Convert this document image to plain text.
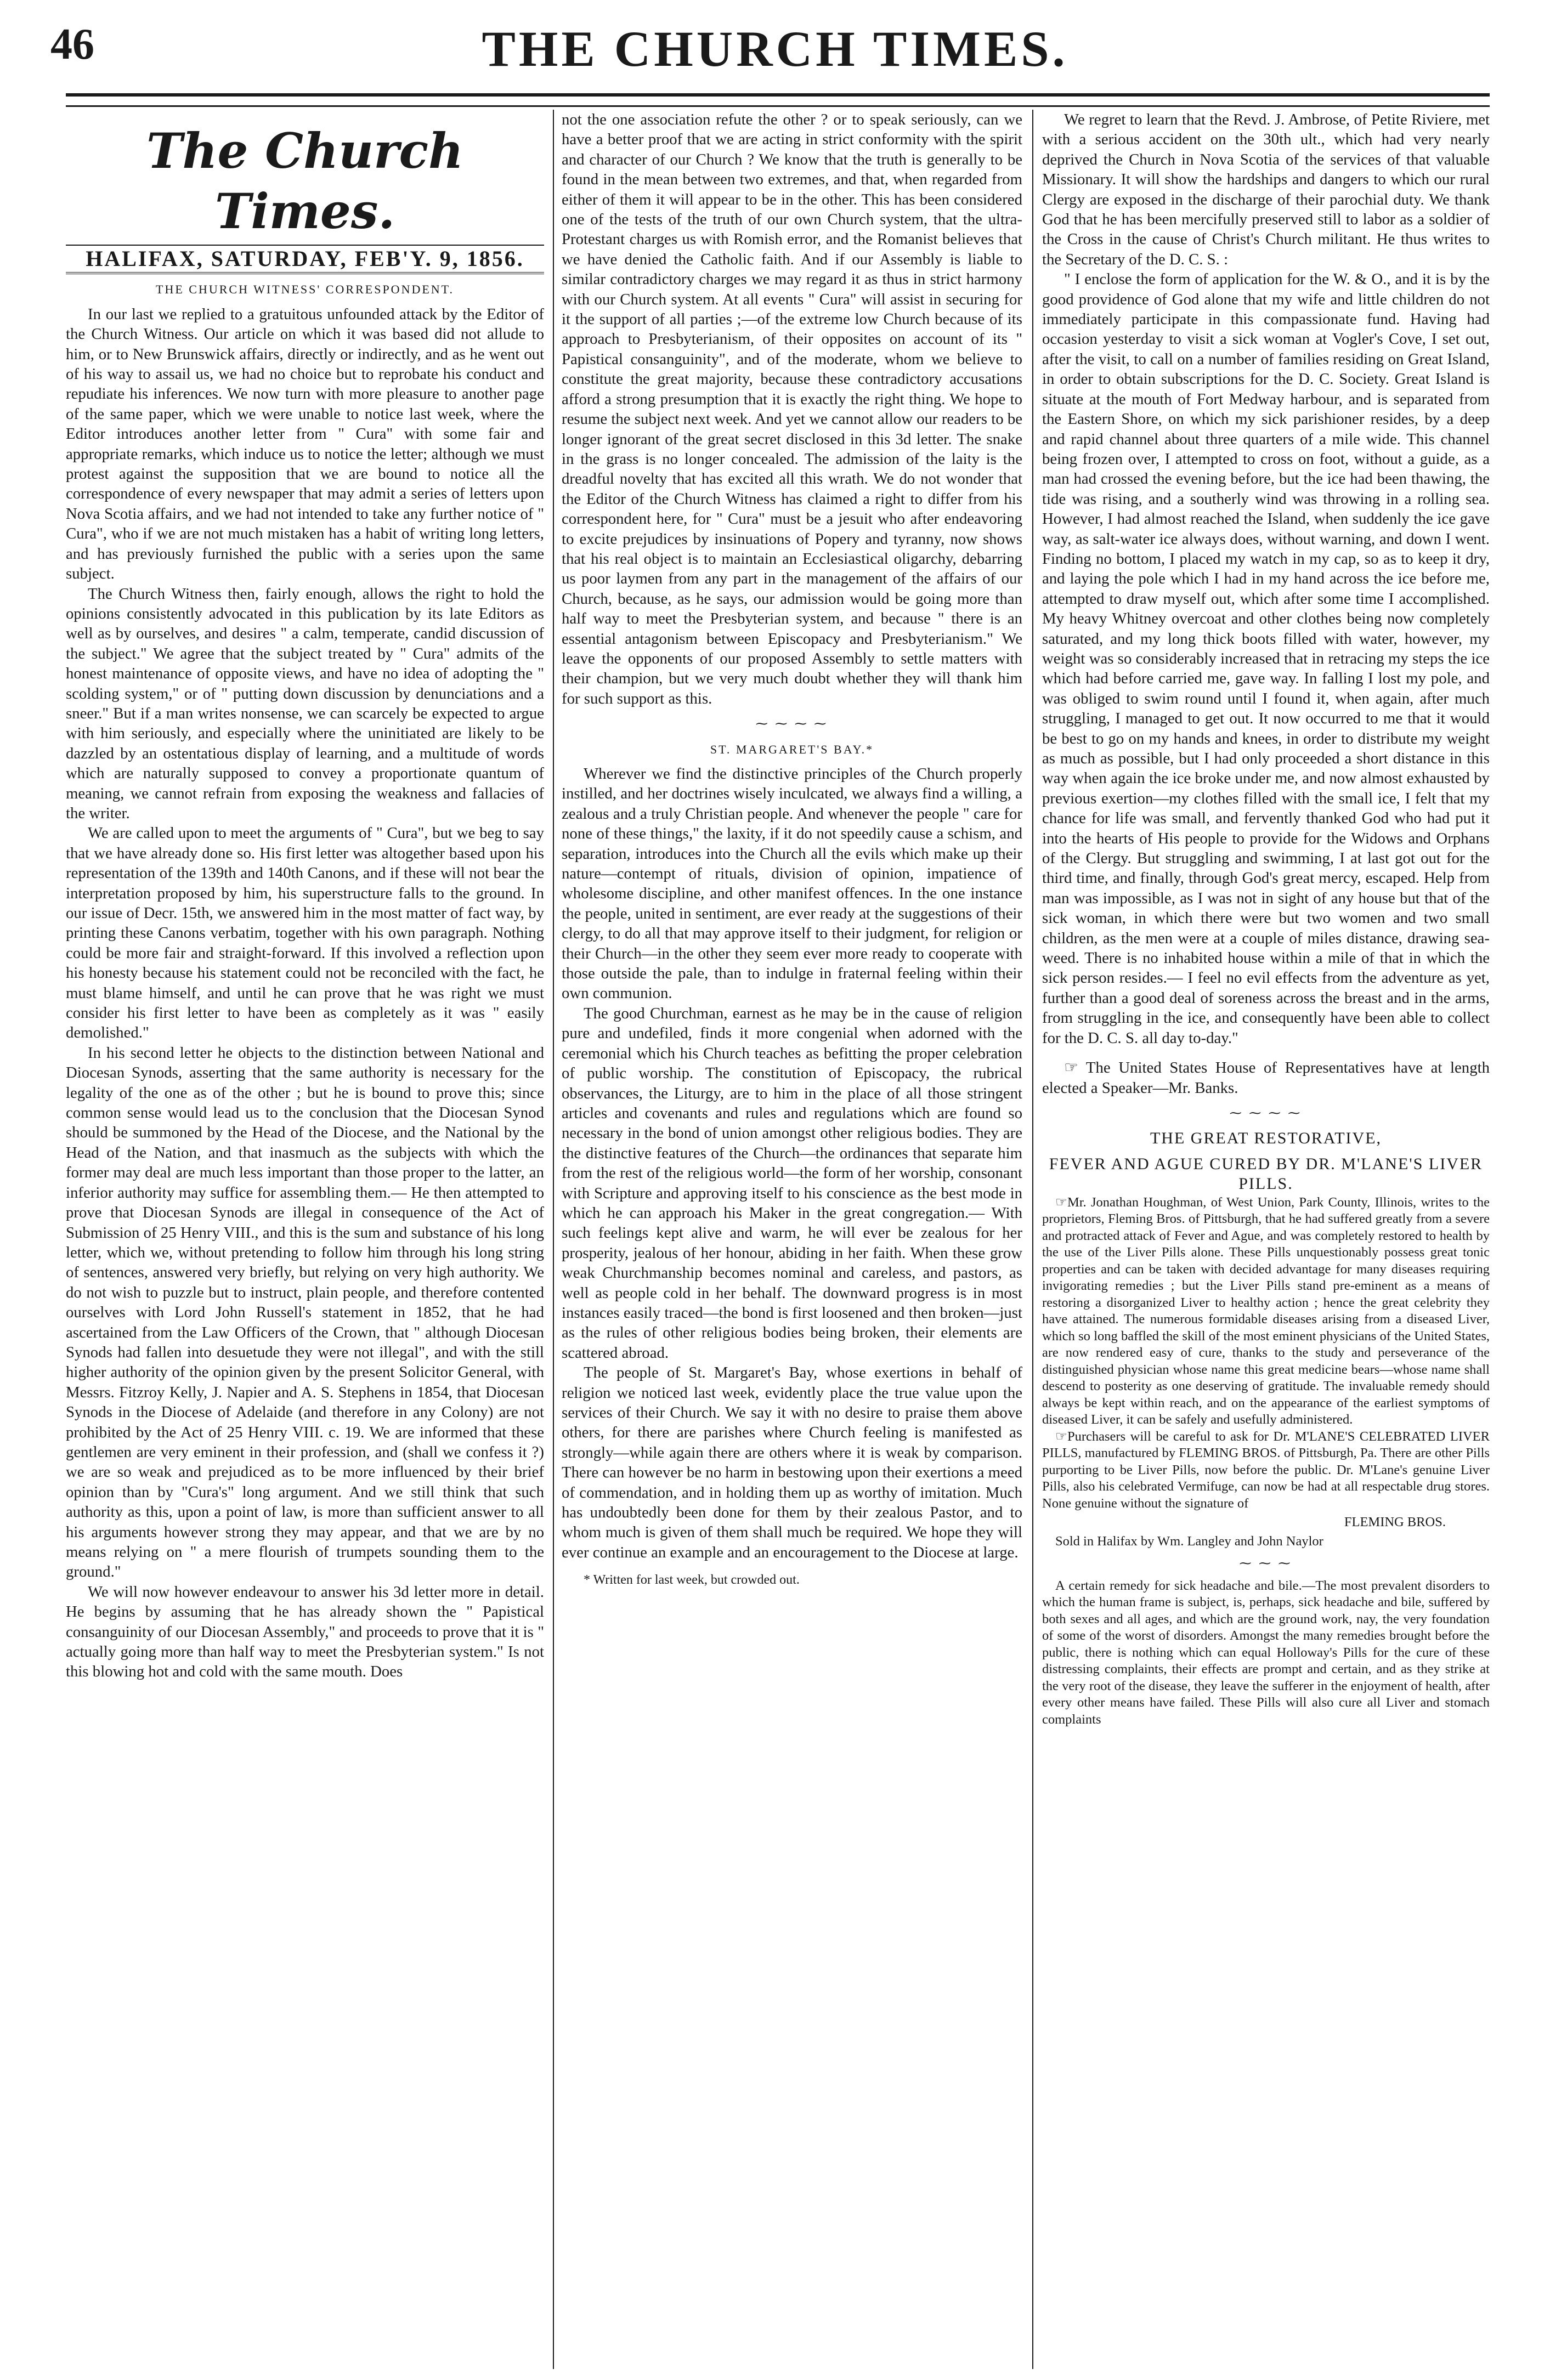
46	THE CHURCH TIMES.
The Church Times.
HALIFAX, SATURDAY, FEB'Y. 9, 1856.
THE CHURCH WITNESS' CORRESPONDENT.

In our last we replied to a gratuitous unfounded attack by the Editor of the Church Witness. Our article on which it was based did not allude to him, or to New Brunswick affairs, directly or indirectly, and as he went out of his way to assail us, we had no choice but to reprobate his conduct and repudiate his inferences. We now turn with more pleasure to another page of the same paper, which we were unable to notice last week, where the Editor introduces another letter from " Cura" with some fair and appropriate remarks, which induce us to notice the letter; although we must protest against the supposition that we are bound to notice all the correspondence of every newspaper that may admit a series of letters upon Nova Scotia affairs, and we had not intended to take any further notice of " Cura", who if we are not much mistaken has a habit of writing long letters, and has previously furnished the public with a series upon the same subject.

The Church Witness then, fairly enough, allows the right to hold the opinions consistently advocated in this publication by its late Editors as well as by ourselves, and desires " a calm, temperate, candid discussion of the subject." We agree that the subject treated by " Cura" admits of the honest maintenance of opposite views, and have no idea of adopting the " scolding system," or of " putting down discussion by denunciations and a sneer." But if a man writes nonsense, we can scarcely be expected to argue with him seriously, and especially where the uninitiated are likely to be dazzled by an ostentatious display of learning, and a multitude of words which are naturally supposed to convey a proportionate quantum of meaning, we cannot refrain from exposing the weakness and fallacies of the writer.

We are called upon to meet the arguments of " Cura", but we beg to say that we have already done so. His first letter was altogether based upon his representation of the 139th and 140th Canons, and if these will not bear the interpretation proposed by him, his superstructure falls to the ground. In our issue of Decr. 15th, we answered him in the most matter of fact way, by printing these Canons verbatim, together with his own paragraph. Nothing could be more fair and straight-forward. If this involved a reflection upon his honesty because his statement could not be reconciled with the fact, he must blame himself, and until he can prove that he was right we must consider his first letter to have been as completely as it was " easily demolished."

In his second letter he objects to the distinction between National and Diocesan Synods, asserting that the same authority is necessary for the legality of the one as of the other ; but he is bound to prove this; since common sense would lead us to the conclusion that the Diocesan Synod should be summoned by the Head of the Diocese, and the National by the Head of the Nation, and that inasmuch as the subjects with which the former may deal are much less important than those proper to the latter, an inferior authority may suffice for assembling them.— He then attempted to prove that Diocesan Synods are illegal in consequence of the Act of Submission of 25 Henry VIII., and this is the sum and substance of his long letter, which we, without pretending to follow him through his long string of sentences, answered very briefly, but relying on very high authority. We do not wish to puzzle but to instruct, plain people, and therefore contented ourselves with Lord John Russell's statement in 1852, that he had ascertained from the Law Officers of the Crown, that " although Diocesan Synods had fallen into desuetude they were not illegal", and with the still higher authority of the opinion given by the present Solicitor General, with Messrs. Fitzroy Kelly, J. Napier and A. S. Stephens in 1854, that Diocesan Synods in the Diocese of Adelaide (and therefore in any Colony) are not prohibited by the Act of 25 Henry VIII. c. 19. We are informed that these gentlemen are very eminent in their profession, and (shall we confess it ?) we are so weak and prejudiced as to be more influenced by their brief opinion than by "Cura's" long argument. And we still think that such authority as this, upon a point of law, is more than sufficient answer to all his arguments however strong they may appear, and that we are by no means relying on " a mere flourish of trumpets sounding them to the ground."

We will now however endeavour to answer his 3d letter more in detail. He begins by assuming that he has already shown the " Papistical consanguinity of our Diocesan Assembly," and proceeds to prove that it is " actually going more than half way to meet the Presbyterian system." Is not this blowing hot and cold with the same mouth. Does

not the one association refute the other ? or to speak seriously, can we have a better proof that we are acting in strict conformity with the spirit and character of our Church ? We know that the truth is generally to be found in the mean between two extremes, and that, when regarded from either of them it will appear to be in the other. This has been considered one of the tests of the truth of our own Church system, that the ultra-Protestant charges us with Romish error, and the Romanist believes that we have denied the Catholic faith. And if our Assembly is liable to similar contradictory charges we may regard it as thus in strict harmony with our Church system. At all events " Cura" will assist in securing for it the support of all parties ;—of the extreme low Church because of its approach to Presbyterianism, of their opposites on account of its " Papistical consanguinity", and of the moderate, whom we believe to constitute the great majority, because these contradictory accusations afford a strong presumption that it is exactly the right thing. We hope to resume the subject next week. And yet we cannot allow our readers to be longer ignorant of the great secret disclosed in this 3d letter. The snake in the grass is no longer concealed. The admission of the laity is the dreadful novelty that has excited all this wrath. We do not wonder that the Editor of the Church Witness has claimed a right to differ from his correspondent here, for " Cura" must be a jesuit who after endeavoring to excite prejudices by insinuations of Popery and tyranny, now shows that his real object is to maintain an Ecclesiastical oligarchy, debarring us poor laymen from any part in the management of the affairs of our Church, because, as he says, our admission would be going more than half way to meet the Presbyterian system, and because " there is an essential antagonism between Episcopacy and Presbyterianism." We leave the opponents of our proposed Assembly to settle matters with their champion, but we very much doubt whether they will thank him for such support as this.

⁓ ⁓ ⁓ ⁓
ST. MARGARET'S BAY.*

Wherever we find the distinctive principles of the Church properly instilled, and her doctrines wisely inculcated, we always find a willing, a zealous and a truly Christian people. And whenever the people " care for none of these things," the laxity, if it do not speedily cause a schism, and separation, introduces into the Church all the evils which make up their nature—contempt of rituals, division of opinion, impatience of wholesome discipline, and other manifest offences. In the one instance the people, united in sentiment, are ever ready at the suggestions of their clergy, to do all that may approve itself to their judgment, for religion or their Church—in the other they seem ever more ready to cooperate with those outside the pale, than to indulge in fraternal feeling within their own communion.

The good Churchman, earnest as he may be in the cause of religion pure and undefiled, finds it more congenial when adorned with the ceremonial which his Church teaches as befitting the proper celebration of public worship. The constitution of Episcopacy, the rubrical observances, the Liturgy, are to him in the place of all those stringent articles and covenants and rules and regulations which are found so necessary in the bond of union amongst other religious bodies. They are the distinctive features of the Church—the ordinances that separate him from the rest of the religious world—the form of her worship, consonant with Scripture and approving itself to his conscience as the best mode in which he can approach his Maker in the great congregation.— With such feelings kept alive and warm, he will ever be zealous for her prosperity, jealous of her honour, abiding in her faith. When these grow weak Churchmanship becomes nominal and careless, and pastors, as well as people cold in her behalf. The downward progress is in most instances easily traced—the bond is first loosened and then broken—just as the rules of other religious bodies being broken, their elements are scattered abroad.

The people of St. Margaret's Bay, whose exertions in behalf of religion we noticed last week, evidently place the true value upon the services of their Church. We say it with no desire to praise them above others, for there are parishes where Church feeling is manifested as strongly—while again there are others where it is weak by comparison. There can however be no harm in bestowing upon their exertions a meed of commendation, and in holding them up as worthy of imitation. Much has undoubtedly been done for them by their zealous Pastor, and to whom much is given of them shall much be required. We hope they will ever continue an example and an encouragement to the Diocese at large.

* Written for last week, but crowded out.

We regret to learn that the Revd. J. Ambrose, of Petite Riviere, met with a serious accident on the 30th ult., which had very nearly deprived the Church in Nova Scotia of the services of that valuable Missionary. It will show the hardships and dangers to which our rural Clergy are exposed in the discharge of their parochial duty. We thank God that he has been mercifully preserved still to labor as a soldier of the Cross in the cause of Christ's Church militant. He thus writes to the Secretary of the D. C. S. :

" I enclose the form of application for the W. & O., and it is by the good providence of God alone that my wife and little children do not immediately participate in this compassionate fund. Having had occasion yesterday to visit a sick woman at Vogler's Cove, I set out, after the visit, to call on a number of families residing on Great Island, in order to obtain subscriptions for the D. C. Society. Great Island is situate at the mouth of Fort Medway harbour, and is separated from the Eastern Shore, on which my sick parishioner resides, by a deep and rapid channel about three quarters of a mile wide. This channel being frozen over, I attempted to cross on foot, without a guide, as a man had crossed the evening before, but the ice had been thawing, the tide was rising, and a southerly wind was throwing in a rolling sea. However, I had almost reached the Island, when suddenly the ice gave way, as salt-water ice always does, without warning, and down I went. Finding no bottom, I placed my watch in my cap, so as to keep it dry, and laying the pole which I had in my hand across the ice before me, attempted to draw myself out, which after some time I accomplished. My heavy Whitney overcoat and other clothes being now completely saturated, and my long thick boots filled with water, however, my weight was so considerably increased that in retracing my steps the ice which had before carried me, gave way. In falling I lost my pole, and was obliged to swim round until I found it, when again, after much struggling, I managed to get out. It now occurred to me that it would be best to go on my hands and knees, in order to distribute my weight as much as possible, but I had only proceeded a short distance in this way when again the ice broke under me, and now almost exhausted by previous exertion—my clothes filled with the small ice, I felt that my chance for life was small, and fervently thanked God who had put it into the hearts of His people to provide for the Widows and Orphans of the Clergy. But struggling and swimming, I at last got out for the third time, and finally, through God's great mercy, escaped. Help from man was impossible, as I was not in sight of any house but that of the sick woman, in which there were but two women and two small children, as the men were at a couple of miles distance, drawing sea-weed. There is no inhabited house within a mile of that in which the sick person resides.— I feel no evil effects from the adventure as yet, further than a good deal of soreness across the breast and in the arms, from struggling in the ice, and consequently have been able to collect for the D. C. S. all day to-day."

☞ The United States House of Representatives have at length elected a Speaker—Mr. Banks.

⁓ ⁓ ⁓ ⁓
THE GREAT RESTORATIVE,
FEVER AND AGUE CURED BY DR. M'LANE'S LIVER PILLS.

☞Mr. Jonathan Houghman, of West Union, Park County, Illinois, writes to the proprietors, Fleming Bros. of Pittsburgh, that he had suffered greatly from a severe and protracted attack of Fever and Ague, and was completely restored to health by the use of the Liver Pills alone. These Pills unquestionably possess great tonic properties and can be taken with decided advantage for many diseases requiring invigorating remedies ; but the Liver Pills stand pre-eminent as a means of restoring a disorganized Liver to healthy action ; hence the great celebrity they have attained. The numerous formidable diseases arising from a diseased Liver, which so long baffled the skill of the most eminent physicians of the United States, are now rendered easy of cure, thanks to the study and perseverance of the distinguished physician whose name this great medicine bears—whose name shall descend to posterity as one deserving of gratitude. The invaluable remedy should always be kept within reach, and on the appearance of the earliest symptoms of diseased Liver, it can be safely and usefully administered.

☞Purchasers will be careful to ask for Dr. M'LANE'S CELEBRATED LIVER PILLS, manufactured by FLEMING BROS. of Pittsburgh, Pa. There are other Pills purporting to be Liver Pills, now before the public. Dr. M'Lane's genuine Liver Pills, also his celebrated Vermifuge, can now be had at all respectable drug stores. None genuine without the signature of

FLEMING BROS.

Sold in Halifax by Wm. Langley and John Naylor

⁓ ⁓ ⁓

A certain remedy for sick headache and bile.—The most prevalent disorders to which the human frame is subject, is, perhaps, sick headache and bile, suffered by both sexes and all ages, and which are the ground work, nay, the very foundation of some of the worst of disorders. Amongst the many remedies brought before the public, there is nothing which can equal Holloway's Pills for the cure of these distressing complaints, their effects are prompt and certain, and as they strike at the very root of the disease, they leave the sufferer in the enjoyment of health, after every other means have failed. These Pills will also cure all Liver and stomach complaints
